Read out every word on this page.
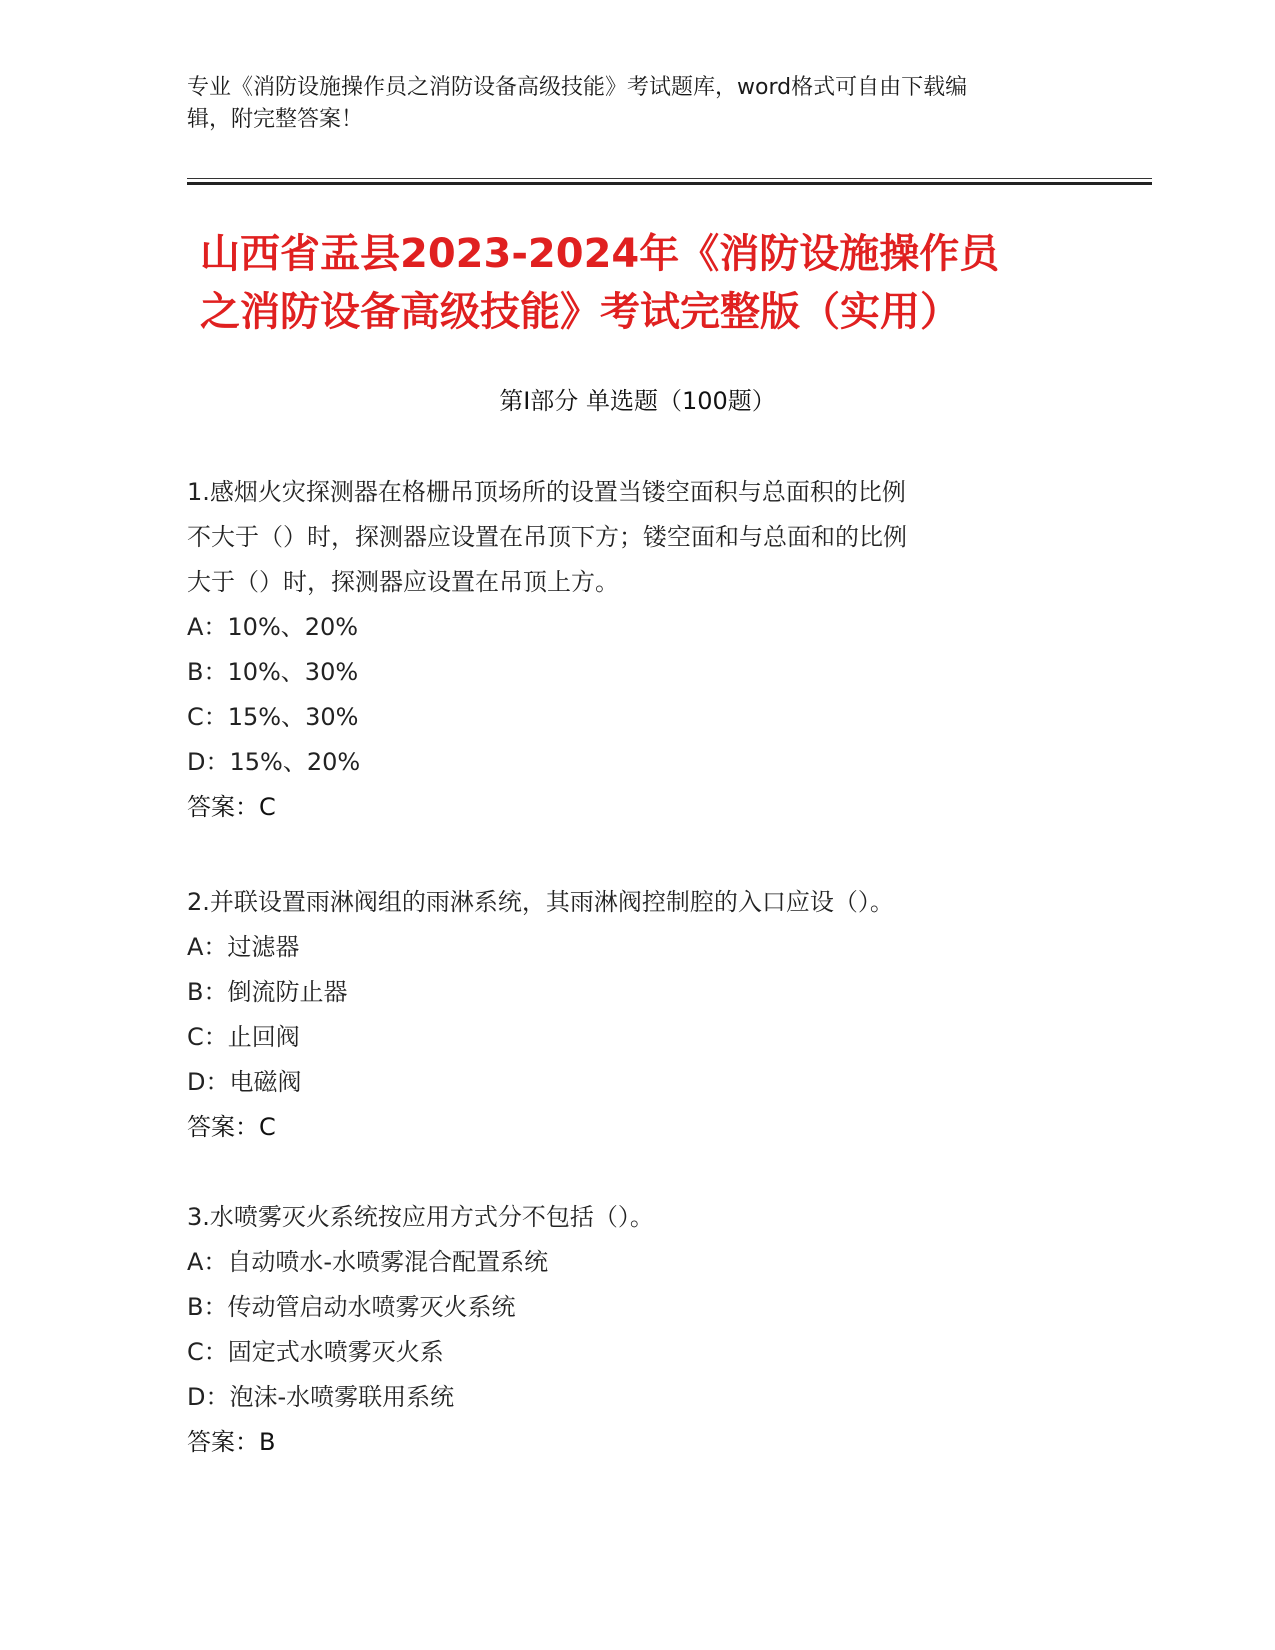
专业《消防设施操作员之消防设备高级技能》考试题库，word格式可自由下载编
辑，附完整答案！
山西省盂县2023-2024年《消防设施操作员
之消防设备高级技能》考试完整版（实用）
第Ⅰ部分 单选题（100题）
1.感烟火灾探测器在格栅吊顶场所的设置当镂空面积与总面积的比例
不大于（）时，探测器应设置在吊顶下方；镂空面和与总面和的比例
大于（）时，探测器应设置在吊顶上方。
A：10%、20%
B：10%、30%
C：15%、30%
D：15%、20%
答案：C
2.并联设置雨淋阀组的雨淋系统，其雨淋阀控制腔的入口应设（）。
A：过滤器
B：倒流防止器
C：止回阀
D：电磁阀
答案：C
3.水喷雾灭火系统按应用方式分不包括（）。
A：自动喷水-水喷雾混合配置系统
B：传动管启动水喷雾灭火系统
C：固定式水喷雾灭火系
D：泡沫-水喷雾联用系统
答案：B
